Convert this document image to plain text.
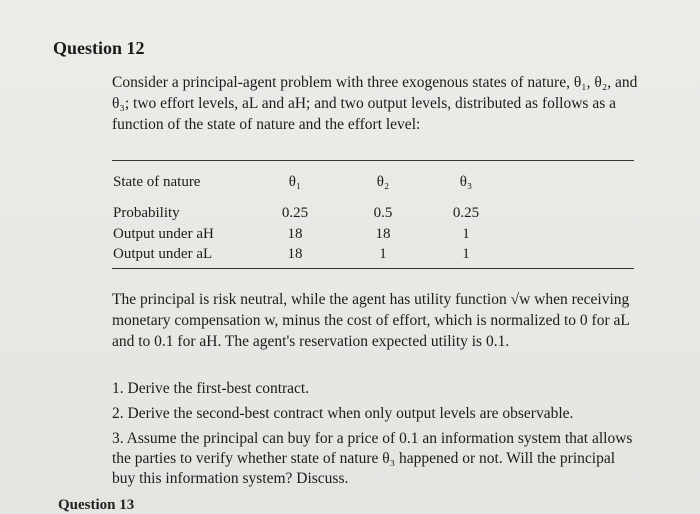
Question 12
Consider a principal-agent problem with three exogenous states of nature, θ₁, θ₂, and θ₃; two effort levels, aL and aH; and two output levels, distributed as follows as a function of the state of nature and the effort level:
State of nature	θ₁	θ₂	θ₃
Probability	0.25	0.5	0.25
Output under aH	18	18	1
Output under aL	18	1	1
The principal is risk neutral, while the agent has utility function √w when receiving monetary compensation w, minus the cost of effort, which is normalized to 0 for aL and to 0.1 for aH. The agent's reservation expected utility is 0.1.
1. Derive the first-best contract.
2. Derive the second-best contract when only output levels are observable.
3. Assume the principal can buy for a price of 0.1 an information system that allows the parties to verify whether state of nature θ₃ happened or not. Will the principal buy this information system? Discuss.
Question 13
